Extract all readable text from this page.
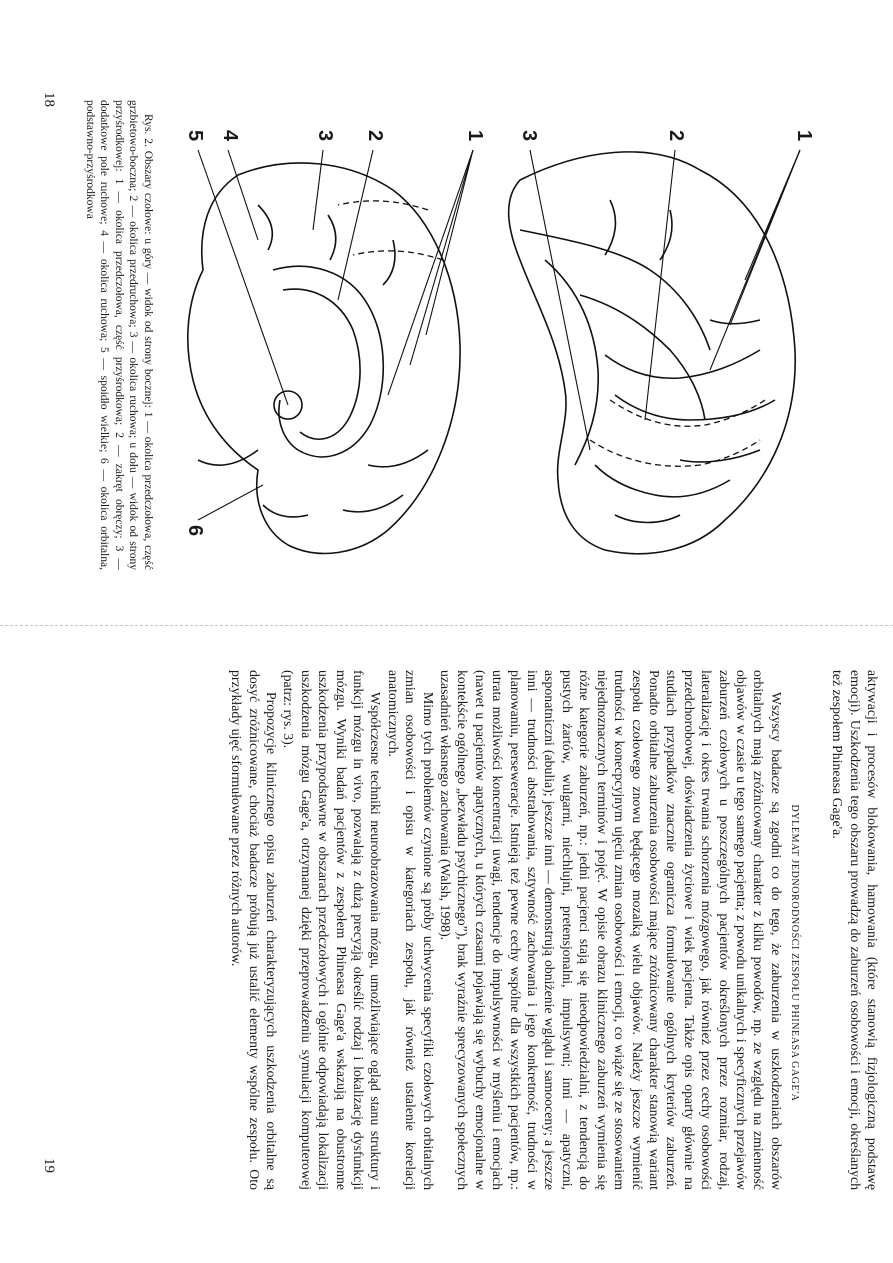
1
2
3
1
2
3
4
5
6

Rys. 2. Obszary czołowe: u góry — widok od strony bocznej: 1 — okolica przedczołowa, część grzbietowo-boczna; 2 — okolica przedruchowa; 3 — okolica ruchowa; u dołu — widok od strony przyśrodkowej: 1 — okolica przedczołowa, część przyśrodkowa; 2 — zakręt obręczy; 3 — dodatkowe pole ruchowe; 4 — okolica ruchowa; 5 — spoidło wielkie; 6 — okolica orbitalna, podstawno-przyśrodkowa

18

aktywacji i procesów blokowania, hamowania (które stanowią fizjologiczną podstawę emocji). Uszkodzenia tego obszaru prowadzą do zaburzeń osobowości i emocji, określanych też zespołem Phineasa Gage'a.

Wszyscy badacze są zgodni co do tego, że zaburzenia w uszkodzeniach obszarów orbitalnych mają zróżnicowany charakter z kilku powodów, np. ze względu na zmienność objawów w czasie u tego samego pacjenta; z powodu unikalnych i specyficznych przejawów zaburzeń czołowych u poszczególnych pacjentów określonych przez rozmiar, rodzaj, lateralizację i okres trwania schorzenia mózgowego, jak również przez cechy osobowości przedchorobowej, doświadczenia życiowe i wiek pacjenta. Także opis oparty głównie na studiach przypadków znacznie ogranicza formułowanie ogólnych kryteriów zaburzeń. Ponadto orbitalne zaburzenia osobowości mające zróżnicowany charakter stanowią wariant zespołu czołowego znowu będącego mozaiką wielu objawów. Należy jeszcze wymienić trudności w konecpcyjnym ujęciu zmian osobowości i emocji, co wiąże się ze stosowaniem niejednoznacznych terminów i pojęć. W opisie obrazu klinicznego zaburzeń wymienia się różne kategorie zaburzeń, np.: jedni pacjenci stają się nieodpowiedzialni, z tendencją do pustych żartów, wulgarni, niechlujni, pretensjonalni, impulsywni; inni — apatyczni, asponatniczni (abulia); jeszcze inni — demonstrują obniżenie wglądu i samooceny; a jeszcze inni — trudności abstrahowania, sztywność zachowania i jego konkretność, trudności w planowaniu, perseweracje. Istnieją też pewne cechy wspólne dla wszystkich pacjentów, np.: utrata możliwości koncentracji uwagi, tendencje do impulsywności w myśleniu i emocjach (nawet u pacjentów apatycznych, u których czasami pojawiają się wybuchy emocjonalne w kontekście ogólnego „bezwładu psychicznego”), brak wyraźnie sprecyzowanych społecznych uzasadnień własnego zachowania (Walsh, 1998).

Mimo tych problemów czynione są próby uchwycenia specyfiki czołowych orbitalnych zmian osobowości i opisu w kategoriach zespołu, jak również ustalenie korelacji anatomicznych.

Współczesne techniki neuroobrazowania mózgu, umożliwiające ogląd stanu struktury i funkcji mózgu in vivo, pozwalają z dużą precyzją określić rodzaj i lokalizację dysfunkcji mózgu. Wyniki badań pacjentów z zespołem Phineasa Gage'a wskazują na obustronne uszkodzenia przypodstawne w obszarach przedczołowych i ogólnie odpowiadają lokalizacji uszkodzenia mózgu Gage'a, otrzymanej dzięki przeprowadzeniu symulacji komputerowej (patrz: rys. 3).

Propozycje klinicznego opisu zaburzeń charakteryzujących uszkodzenia orbitalne są dosyć zróżnicowane, chociaż badacze próbują już ustalić elementy wspólne zespołu. Oto przykłady ujęć sformułowane przez różnych autorów.	DYLEMAT JEDNORODNOŚCI ZESPOŁU PHINEASA GAGE'A
19
